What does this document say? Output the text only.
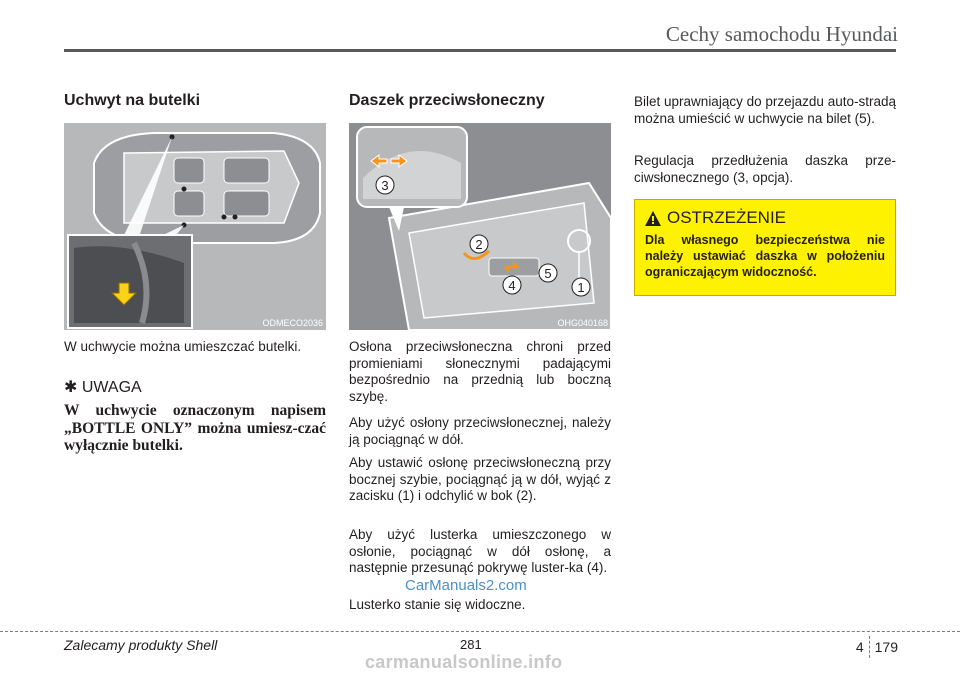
Cechy samochodu Hyundai
Uchwyt na butelki
ODMECO2036
W uchwycie można umieszczać butelki.
✱ UWAGA
W uchwycie oznaczonym napisem „BOTTLE ONLY” można umiesz-czać wyłącznie butelki.
Daszek przeciwsłoneczny
1
2
3
4
5
OHG040168
Osłona przeciwsłoneczna chroni przed promieniami słonecznymi padającymi bezpośrednio na przednią lub boczną szybę.
Aby użyć osłony przeciwsłonecznej, należy ją pociągnąć w dół.
Aby ustawić osłonę przeciwsłoneczną przy bocznej szybie, pociągnąć ją w dół, wyjąć z zacisku (1) i odchylić w bok (2).
Aby użyć lusterka umieszczonego w osłonie, pociągnąć w dół osłonę, a następnie przesunąć pokrywę luster-ka (4).
Lusterko stanie się widoczne.
CarManuals2.com
Bilet uprawniający do przejazdu auto-stradą można umieścić w uchwycie na bilet (5).
Regulacja przedłużenia daszka prze-ciwsłonecznego (3, opcja).
OSTRZEŻENIE
Dla własnego bezpieczeństwa nie należy ustawiać daszka w położeniu ograniczającym widoczność.
Zalecamy produkty Shell	281	4 179
carmanualsonline.info
